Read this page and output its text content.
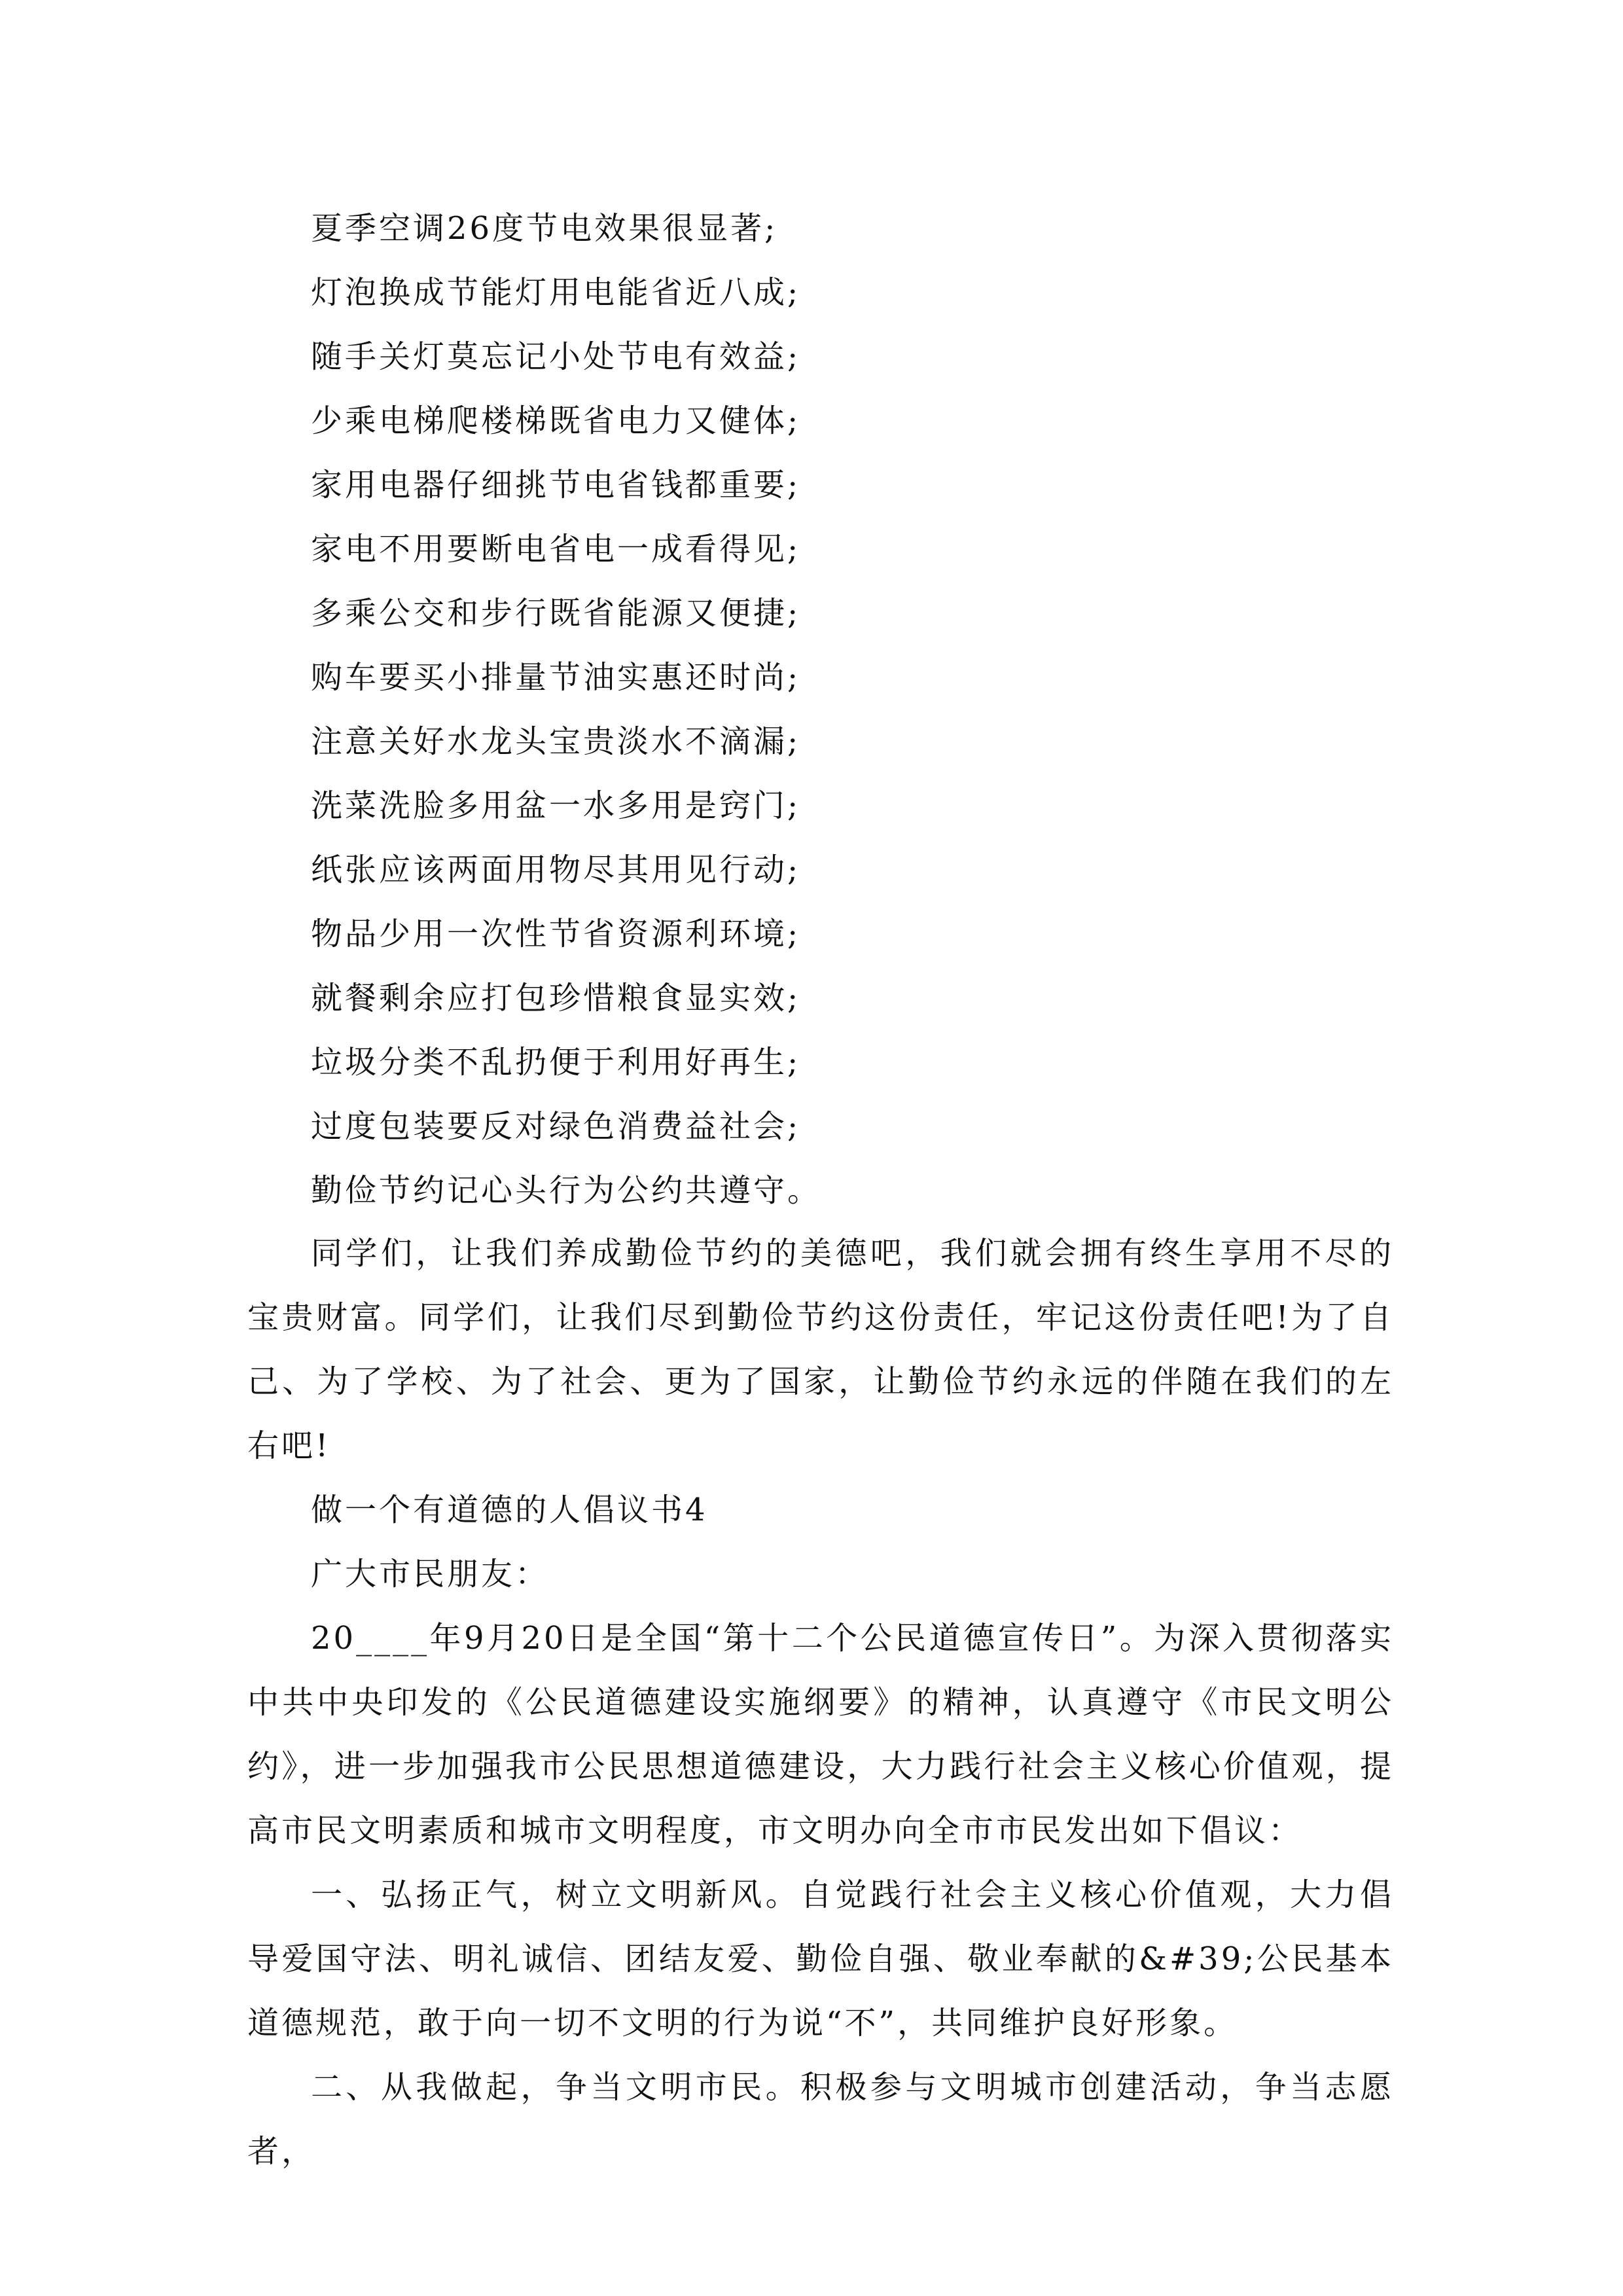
夏季空调26度节电效果很显著;
灯泡换成节能灯用电能省近八成;
随手关灯莫忘记小处节电有效益;
少乘电梯爬楼梯既省电力又健体;
家用电器仔细挑节电省钱都重要;
家电不用要断电省电一成看得见;
多乘公交和步行既省能源又便捷;
购车要买小排量节油实惠还时尚;
注意关好水龙头宝贵淡水不滴漏;
洗菜洗脸多用盆一水多用是窍门;
纸张应该两面用物尽其用见行动;
物品少用一次性节省资源利环境;
就餐剩余应打包珍惜粮食显实效;
垃圾分类不乱扔便于利用好再生;
过度包装要反对绿色消费益社会;
勤俭节约记心头行为公约共遵守。

同学们，让我们养成勤俭节约的美德吧，我们就会拥有终生享用不尽的宝贵财富。同学们，让我们尽到勤俭节约这份责任，牢记这份责任吧!为了自己、为了学校、为了社会、更为了国家，让勤俭节约永远的伴随在我们的左右吧!

做一个有道德的人倡议书4

广大市民朋友：

20____年9月20日是全国“第十二个公民道德宣传日”。为深入贯彻落实中共中央印发的《公民道德建设实施纲要》的精神，认真遵守《市民文明公约》，进一步加强我市公民思想道德建设，大力践行社会主义核心价值观，提高市民文明素质和城市文明程度，市文明办向全市市民发出如下倡议：

一、弘扬正气，树立文明新风。自觉践行社会主义核心价值观，大力倡导爱国守法、明礼诚信、团结友爱、勤俭自强、敬业奉献的&#39;公民基本道德规范，敢于向一切不文明的行为说“不”，共同维护良好形象。

二、从我做起，争当文明市民。积极参与文明城市创建活动，争当志愿者，
